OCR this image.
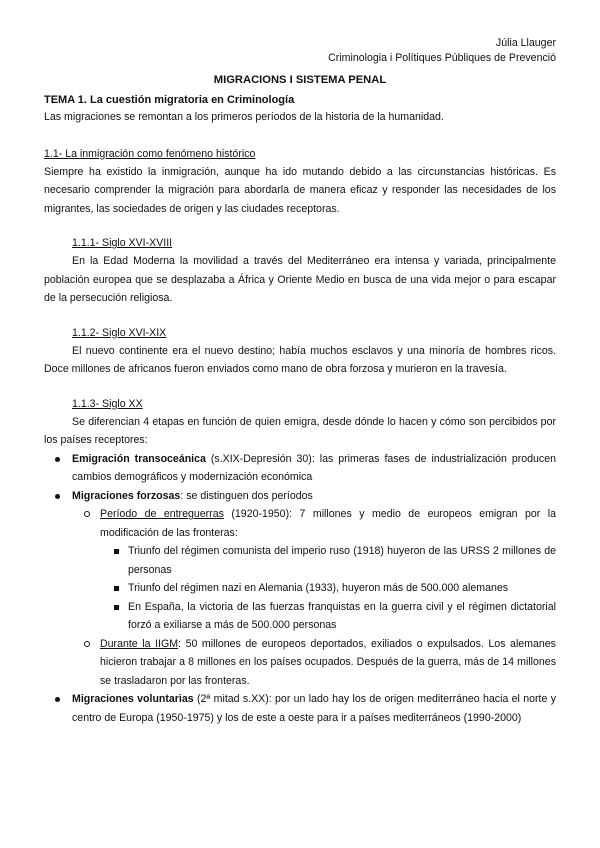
Júlia Llauger
Criminologia i Polítiques Públiques de Prevenció
MIGRACIONS I SISTEMA PENAL
TEMA 1. La cuestión migratoria en Criminología

Las migraciones se remontan a los primeros períodos de la historia de la humanidad.

1.1- La inmigración como fenómeno histórico

Siempre ha existido la inmigración, aunque ha ido mutando debido a las circunstancias históricas. Es necesario comprender la migración para abordarla de manera eficaz y responder las necesidades de los migrantes, las sociedades de origen y las ciudades receptoras.

1.1.1- Siglo XVI-XVIII

En la Edad Moderna la movilidad a través del Mediterráneo era intensa y variada, principalmente población europea que se desplazaba a África y Oriente Medio en busca de una vida mejor o para escapar de la persecución religiosa.

1.1.2- Siglo XVI-XIX

El nuevo continente era el nuevo destino; había muchos esclavos y una minoría de hombres ricos. Doce millones de africanos fueron enviados como mano de obra forzosa y murieron en la travesía.

1.1.3- Siglo XX

Se diferencian 4 etapas en función de quien emigra, desde dónde lo hacen y cómo son percibidos por los países receptores:

Emigración transoceánica (s.XIX-Depresión 30): las primeras fases de industrialización producen cambios demográficos y modernización económica
Migraciones forzosas: se distinguen dos períodos
Período de entreguerras (1920-1950): 7 millones y medio de europeos emigran por la modificación de las fronteras:
Triunfo del régimen comunista del imperio ruso (1918) huyeron de las URSS 2 millones de personas
Triunfo del régimen nazi en Alemania (1933), huyeron más de 500.000 alemanes
En España, la victoria de las fuerzas franquistas en la guerra civil y el régimen dictatorial forzó a exiliarse a más de 500.000 personas
Durante la IIGM: 50 millones de europeos deportados, exiliados o expulsados. Los alemanes hicieron trabajar a 8 millones en los países ocupados. Después de la guerra, más de 14 millones se trasladaron por las fronteras.
Migraciones voluntarias (2ª mitad s.XX): por un lado hay los de origen mediterráneo hacia el norte y centro de Europa (1950-1975) y los de este a oeste para ir a países mediterráneos (1990-2000)
